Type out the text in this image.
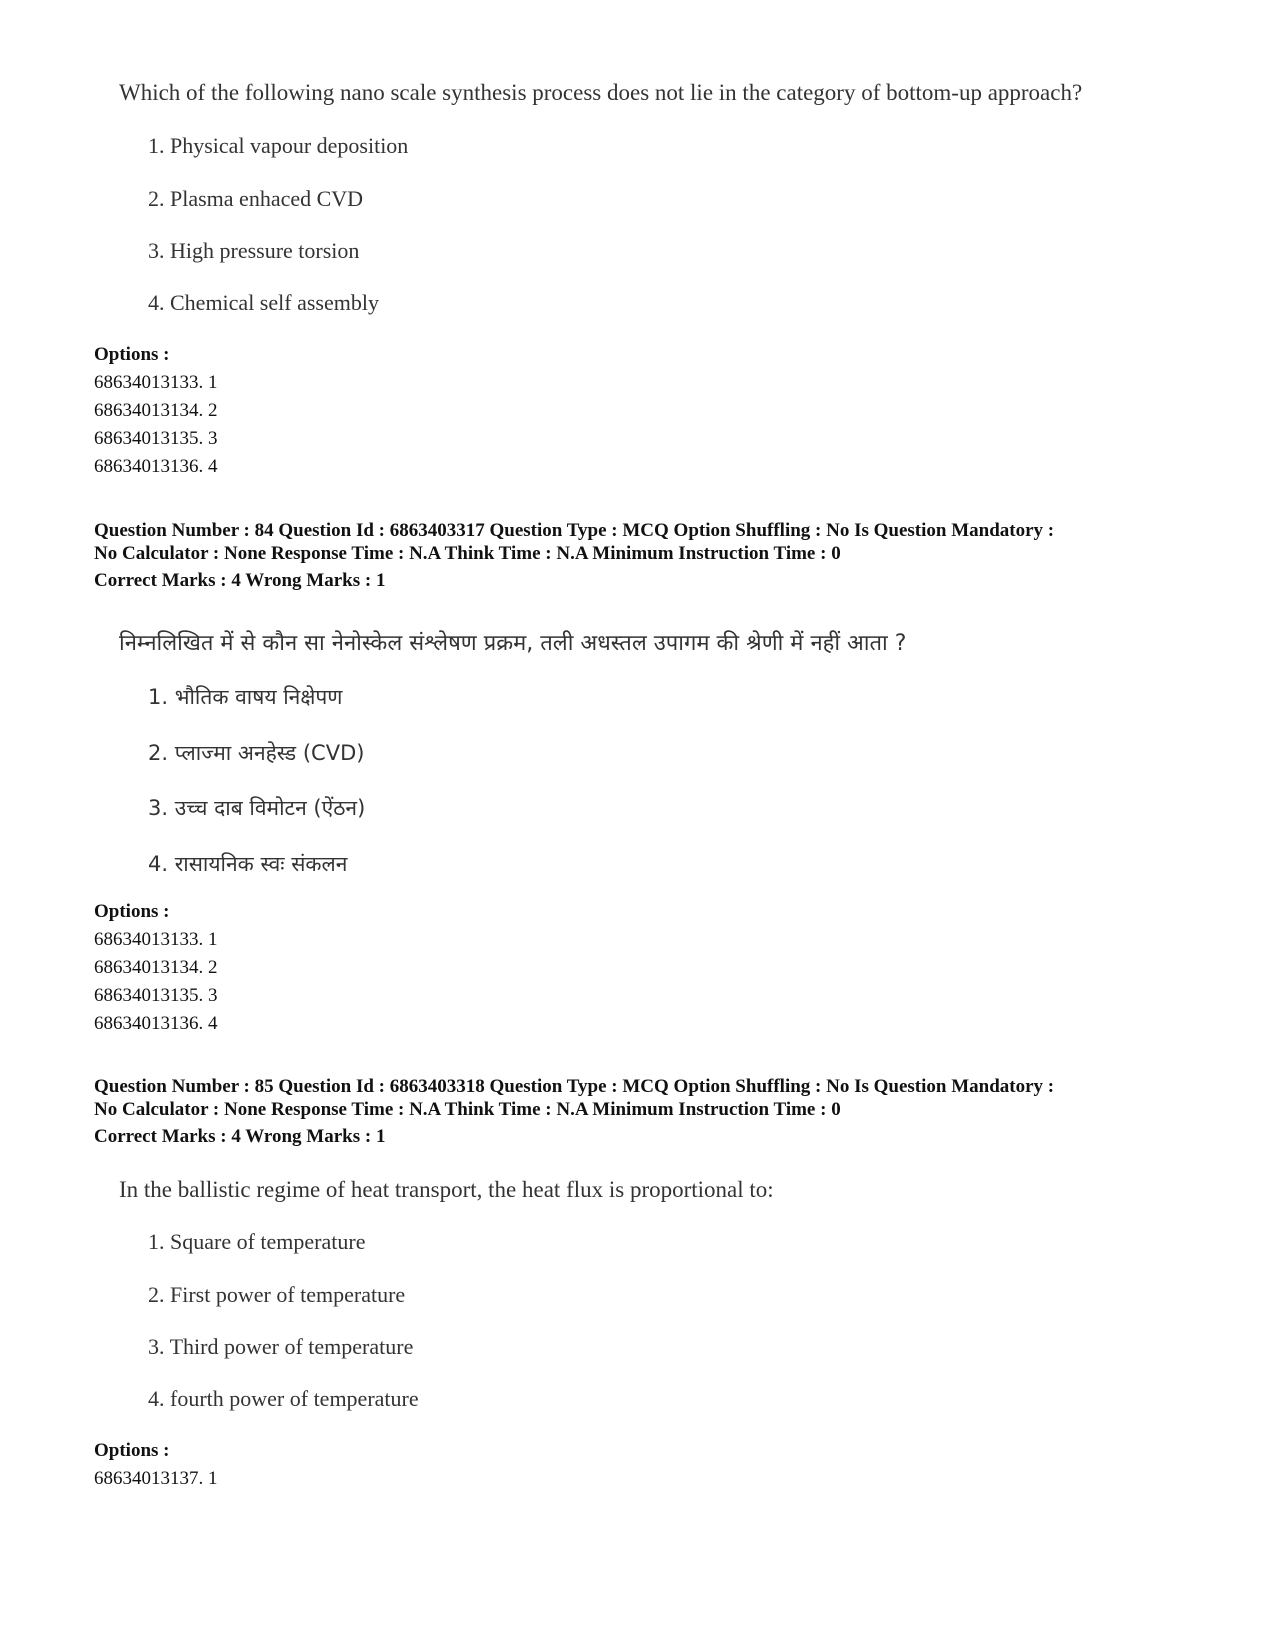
Which of the following nano scale synthesis process does not lie in the category of bottom-up approach?
1. Physical vapour deposition
2. Plasma enhaced CVD
3. High pressure torsion
4. Chemical self assembly
Options :
68634013133. 1
68634013134. 2
68634013135. 3
68634013136. 4
Question Number : 84 Question Id : 6863403317 Question Type : MCQ Option Shuffling : No Is Question Mandatory :
No Calculator : None Response Time : N.A Think Time : N.A Minimum Instruction Time : 0
Correct Marks : 4 Wrong Marks : 1
निम्नलिखित में से कौन सा नेनोस्केल संश्लेषण प्रक्रम, तली अधस्तल उपागम की श्रेणी में नहीं आता ?
1. भौतिक वाषय निक्षेपण
2. प्लाज्मा अनहेस्ड (CVD)
3. उच्च दाब विमोटन (ऐंठन)
4. रासायनिक स्वः संकलन
Options :
68634013133. 1
68634013134. 2
68634013135. 3
68634013136. 4
Question Number : 85 Question Id : 6863403318 Question Type : MCQ Option Shuffling : No Is Question Mandatory :
No Calculator : None Response Time : N.A Think Time : N.A Minimum Instruction Time : 0
Correct Marks : 4 Wrong Marks : 1
In the ballistic regime of heat transport, the heat flux is proportional to:
1. Square of temperature
2. First power of temperature
3. Third power of temperature
4. fourth power of temperature
Options :
68634013137. 1
